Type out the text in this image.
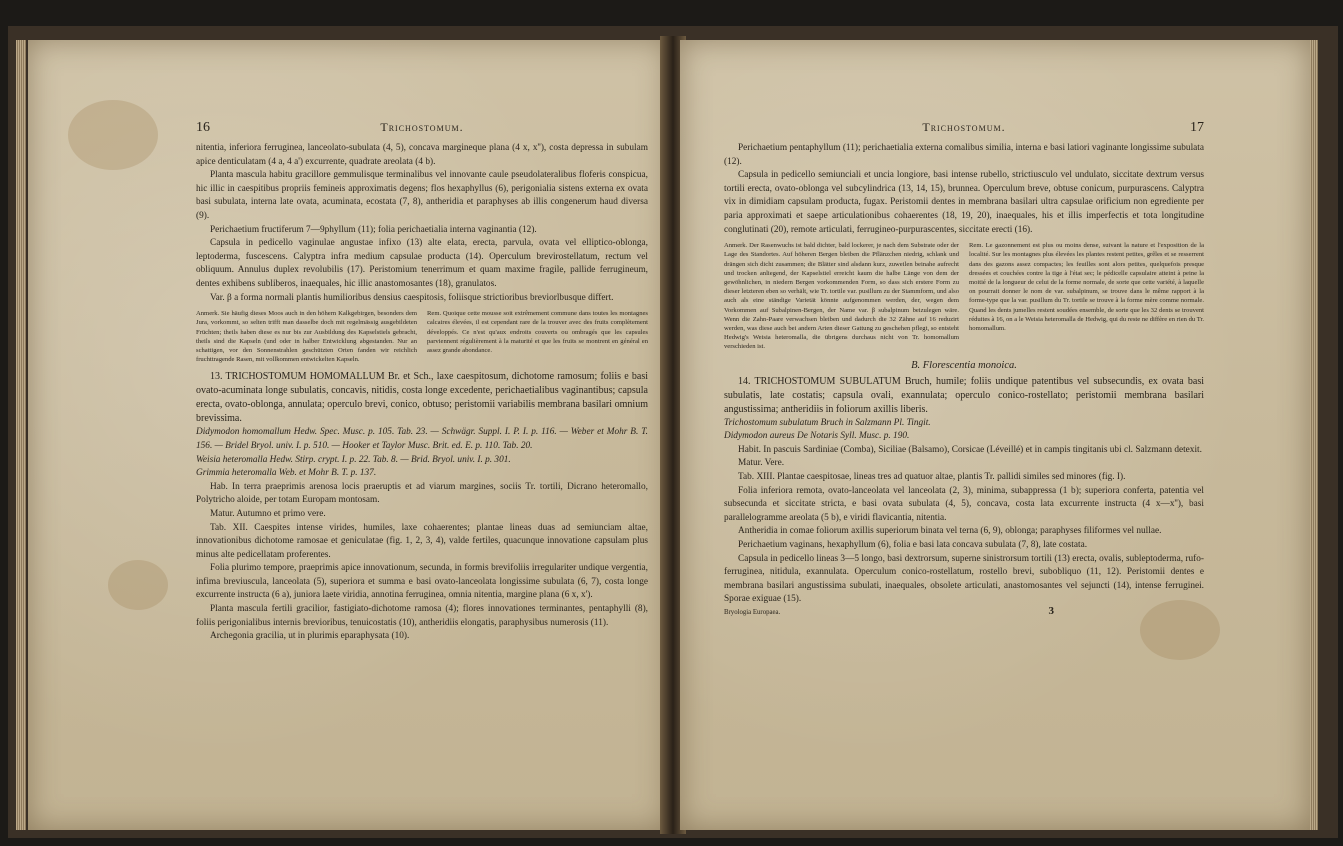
16	Trichostomum.

nitentia, inferiora ferruginea, lanceolato-subulata (4, 5), concava margineque plana (4 x, x''), costa depressa in subulam apice denticulatam (4 a, 4 a') excurrente, quadrate areolata (4 b).

Planta mascula habitu gracillore gemmulisque terminalibus vel innovante caule pseudolateralibus floferis conspicua, hic illic in caespitibus propriis femineis approximatis degens; flos hexaphyllus (6), perigonialia sistens externa ex ovata basi subulata, interna late ovata, acuminata, ecostata (7, 8), antheridia et paraphyses ab illis congenerum haud diversa (9).

Perichaetium fructiferum 7—9phyllum (11); folia perichaetialia interna vaginantia (12).

Capsula in pedicello vaginulae angustae infixo (13) alte elata, erecta, parvula, ovata vel elliptico-oblonga, leptoderma, fuscescens. Calyptra infra medium capsulae producta (14). Operculum brevirostellatum, rectum vel obliquum. Annulus duplex revolubilis (17). Peristomium tenerrimum et quam maxime fragile, pallide ferrugineum, dentes exhibens subliberos, inaequales, hic illic anastomosantes (18), granulatos.

Var. β a forma normali plantis humilioribus densius caespitosis, foliisque strictioribus breviorlbusque differt.

Anmerk. Sie häufig dieses Moos auch in den höhern Kalkgebirgen, besonders dem Jura, vorkommt, so selten trifft man dasselbe doch mit regelmässig ausgebildeten Früchten; theils haben diese es nur bis zur Ausbildung des Kapselstiels gebracht, theils sind die Kapseln (und oder in halber Entwicklung abgestanden. Nur an schattigen, vor den Sonnenstrahlen geschützten Orten fanden wir reichlich fruchttragende Rasen, mit vollkommen entwickelten Kapseln.
Rem. Quoique cette mousse soit extrêmement commune dans toutes les montagnes calcaires élevées, il est cependant rare de la trouver avec des fruits complètement développés. Ce n'est qu'aux endroits couverts ou ombragés que les capsules parviennent régulièrement à la maturité et que les fruits se montrent en général en assez grande abondance.

13. TRICHOSTOMUM HOMOMALLUM Br. et Sch., laxe caespitosum, dichotome ramosum; foliis e basi ovato-acuminata longe subulatis, concavis, nitidis, costa longe excedente, perichaetialibus vaginantibus; capsula erecta, ovato-oblonga, annulata; operculo brevi, conico, obtuso; peristomii variabilis membrana basilari omnium brevissima.

Didymodon homomallum Hedw. Spec. Musc. p. 105. Tab. 23. — Schwägr. Suppl. I. P. I. p. 116. — Weber et Mohr B. T. 156. — Bridel Bryol. univ. I. p. 510. — Hooker et Taylor Musc. Brit. ed. E. p. 110. Tab. 20.

Weisia heteromalla Hedw. Stirp. crypt. I. p. 22. Tab. 8. — Brid. Bryol. univ. I. p. 301.

Grimmia heteromalla Web. et Mohr B. T. p. 137.

Hab. In terra praeprimis arenosa locis praeruptis et ad viarum margines, sociis Tr. tortili, Dicrano heteromallo, Polytricho aloide, per totam Europam montosam.

Matur. Autumno et primo vere.

Tab. XII. Caespites intense virides, humiles, laxe cohaerentes; plantae lineas duas ad semiunciam altae, innovationibus dichotome ramosae et geniculatae (fig. 1, 2, 3, 4), valde fertiles, quacunque innovatione capsulam plus minus alte pedicellatam proferentes.

Folia plurimo tempore, praeprimis apice innovationum, secunda, in formis brevifoliis irregulariter undique vergentia, infima breviuscula, lanceolata (5), superiora et summa e basi ovato-lanceolata longissime subulata (6, 7), costa longe excurrente instructa (6 a), juniora laete viridia, annotina ferruginea, omnia nitentia, margine plana (6 x, x').

Planta mascula fertili gracilior, fastigiato-dichotome ramosa (4); flores innovationes terminantes, pentaphylli (8), foliis perigonialibus internis brevioribus, tenuicostatis (10), antheridiis elongatis, paraphysibus numerosis (11).

Archegonia gracilia, ut in plurimis eparaphysata (10).

Trichostomum.	17

Perichaetium pentaphyllum (11); perichaetialia externa comalibus similia, interna e basi latiori vaginante longissime subulata (12).

Capsula in pedicello semiunciali et uncia longiore, basi intense rubello, strictiusculo vel undulato, siccitate dextrum versus tortili erecta, ovato-oblonga vel subcylindrica (13, 14, 15), brunnea. Operculum breve, obtuse conicum, purpurascens. Calyptra vix in dimidiam capsulam producta, fugax. Peristomii dentes in membrana basilari ultra capsulae orificium non egrediente per paria approximati et saepe articulationibus cohaerentes (18, 19, 20), inaequales, his et illis imperfectis et tota longitudine conglutinati (20), remote articulati, ferrugineo-purpurascentes, siccitate erecti (16).

Anmerk. Der Rasenwuchs ist bald dichter, bald lockerer, je nach dem Substrate oder der Lage des Standortes. Auf höheren Bergen bleiben die Pflänzchen niedrig, schlank und drängen sich dicht zusammen; die Blätter sind alsdann kurz, zuweilen beinahe aufrecht und trocken anliegend, der Kapselstiel erreicht kaum die halbe Länge von dem der gewöhnlichen, in niedern Bergen vorkommenden Form, so dass sich erstere Form zu dieser letzteren eben so verhält, wie Tr. tortile var. pusillum zu der Stammform, und also auch als eine ständige Varietät könnte aufgenommen werden, der, wegen dem Vorkommen auf Subalpinen-Bergen, der Name var. β subalpinum beizulegen wäre. Wenn die Zahn-Paare verwachsen bleiben und dadurch die 32 Zähne auf 16 reduzirt werden, was diese auch bei andern Arten dieser Gattung zu geschehen pflegt, so entsteht Hedwig's Weisia heteromalla, die übrigens durchaus nicht von Tr. homomallum verschieden ist.
Rem. Le gazonnement est plus ou moins dense, suivant la nature et l'exposition de la localité. Sur les montagnes plus élevées les plantes restent petites, grêles et se resserrent dans des gazons assez compactes; les feuilles sont alors petites, quelquefois presque dressées et couchées contre la tige à l'état sec; le pédicelle capsulaire atteint à peine la moitié de la longueur de celui de la forme normale, de sorte que cette variété, à laquelle on pourrait donner le nom de var. subalpinum, se trouve dans le même rapport à la forme-type que la var. pusillum du Tr. tortile se trouve à la forme mère comme normale. Quand les dents jumelles restent soudées ensemble, de sorte que les 32 dents se trouvent réduites à 16, on a le Weisia heteromalla de Hedwig, qui du reste ne diffère en rien du Tr. homomallum.
B. Florescentia monoica.

14. TRICHOSTOMUM SUBULATUM Bruch, humile; foliis undique patentibus vel subsecundis, ex ovata basi subulatis, late costatis; capsula ovali, exannulata; operculo conico-rostellato; peristomii membrana basilari angustissima; antheridiis in foliorum axillis liberis.

Trichostomum subulatum Bruch in Salzmann Pl. Tingit.

Didymodon aureus De Notaris Syll. Musc. p. 190.

Habit. In pascuis Sardiniae (Comba), Siciliae (Balsamo), Corsicae (Léveillé) et in campis tingitanis ubi cl. Salzmann detexit.

Matur. Vere.

Tab. XIII. Plantae caespitosae, lineas tres ad quatuor altae, plantis Tr. pallidi similes sed minores (fig. I).

Folia inferiora remota, ovato-lanceolata vel lanceolata (2, 3), minima, subappressa (1 b); superiora conferta, patentia vel subsecunda et siccitate stricta, e basi ovata subulata (4, 5), concava, costa lata excurrente instructa (4 x—x''), basi parallelogramme areolata (5 b), e viridi flavicantia, nitentia.

Antheridia in comae foliorum axillis superiorum binata vel terna (6, 9), oblonga; paraphyses filiformes vel nullae.

Perichaetium vaginans, hexaphyllum (6), folia e basi lata concava subulata (7, 8), late costata.

Capsula in pedicello lineas 3—5 longo, basi dextrorsum, superne sinistrorsum tortili (13) erecta, ovalis, subleptoderma, rufo-ferruginea, nitidula, exannulata. Operculum conico-rostellatum, rostello brevi, subobliquo (11, 12). Peristomii dentes e membrana basilari angustissima subulati, inaequales, obsolete articulati, anastomosantes vel sejuncti (14), intense ferruginei. Sporae exiguae (15).

Bryologia Europaea.	3
